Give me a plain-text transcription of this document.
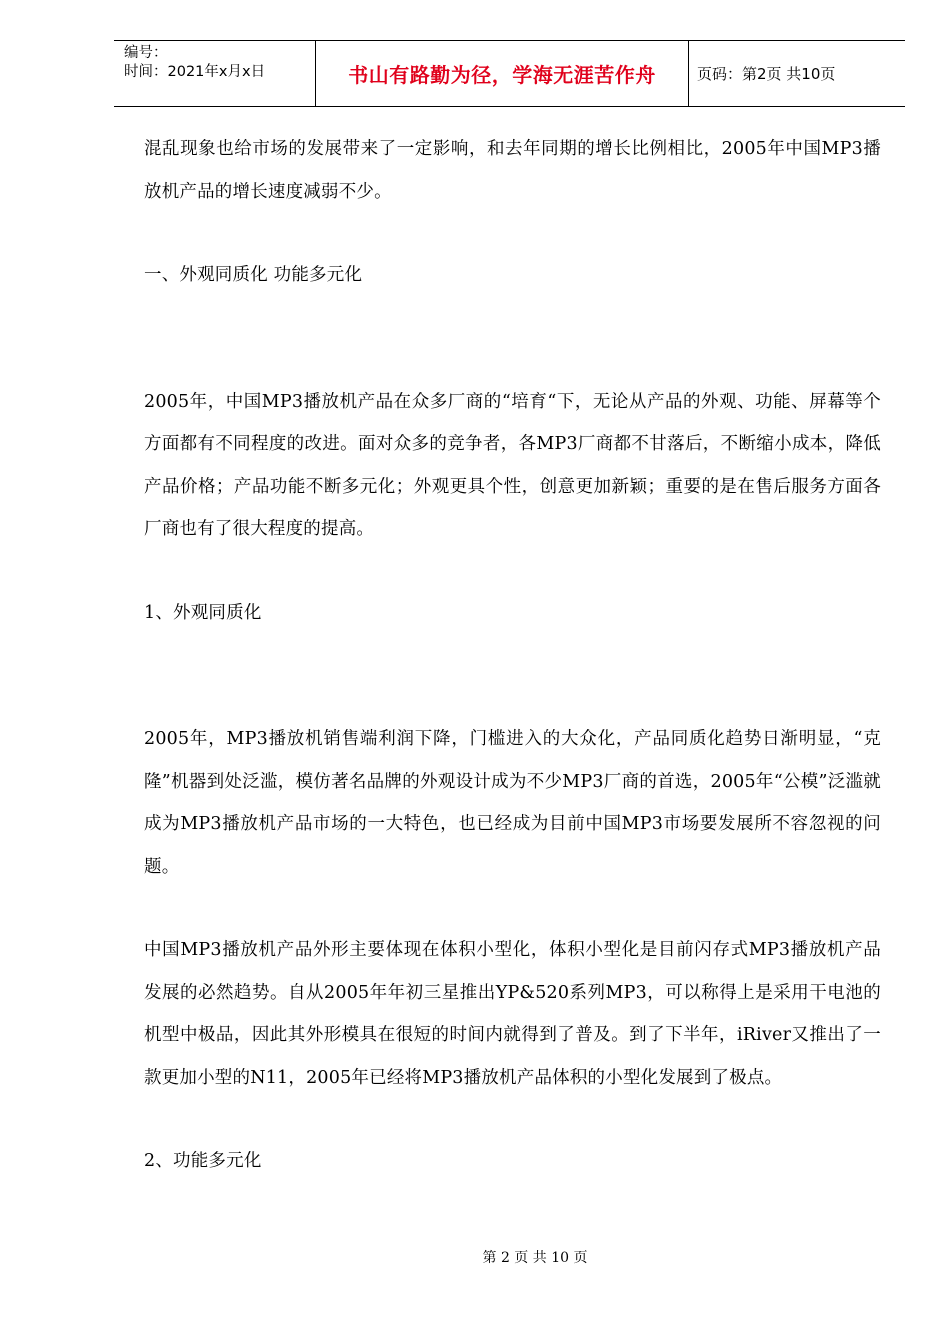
编号：
时间：2021年x月x日	书山有路勤为径，学海无涯苦作舟	页码：第2页 共10页

混乱现象也给市场的发展带来了一定影响，和去年同期的增长比例相比，2005年中国MP3播放机产品的增长速度减弱不少。

一、外观同质化 功能多元化

2005年，中国MP3播放机产品在众多厂商的“培育“下，无论从产品的外观、功能、屏幕等个方面都有不同程度的改进。面对众多的竞争者，各MP3厂商都不甘落后，不断缩小成本，降低产品价格；产品功能不断多元化；外观更具个性，创意更加新颖；重要的是在售后服务方面各厂商也有了很大程度的提高。

1、外观同质化

2005年，MP3播放机销售端利润下降，门槛进入的大众化，产品同质化趋势日渐明显，“克隆”机器到处泛滥，模仿著名品牌的外观设计成为不少MP3厂商的首选，2005年“公模”泛滥就成为MP3播放机产品市场的一大特色，也已经成为目前中国MP3市场要发展所不容忽视的问题。

中国MP3播放机产品外形主要体现在体积小型化，体积小型化是目前闪存式MP3播放机产品发展的必然趋势。自从2005年年初三星推出YP&520系列MP3，可以称得上是采用干电池的机型中极品，因此其外形模具在很短的时间内就得到了普及。到了下半年，iRiver又推出了一款更加小型的N11，2005年已经将MP3播放机产品体积的小型化发展到了极点。

2、功能多元化

第 2 页 共 10 页
